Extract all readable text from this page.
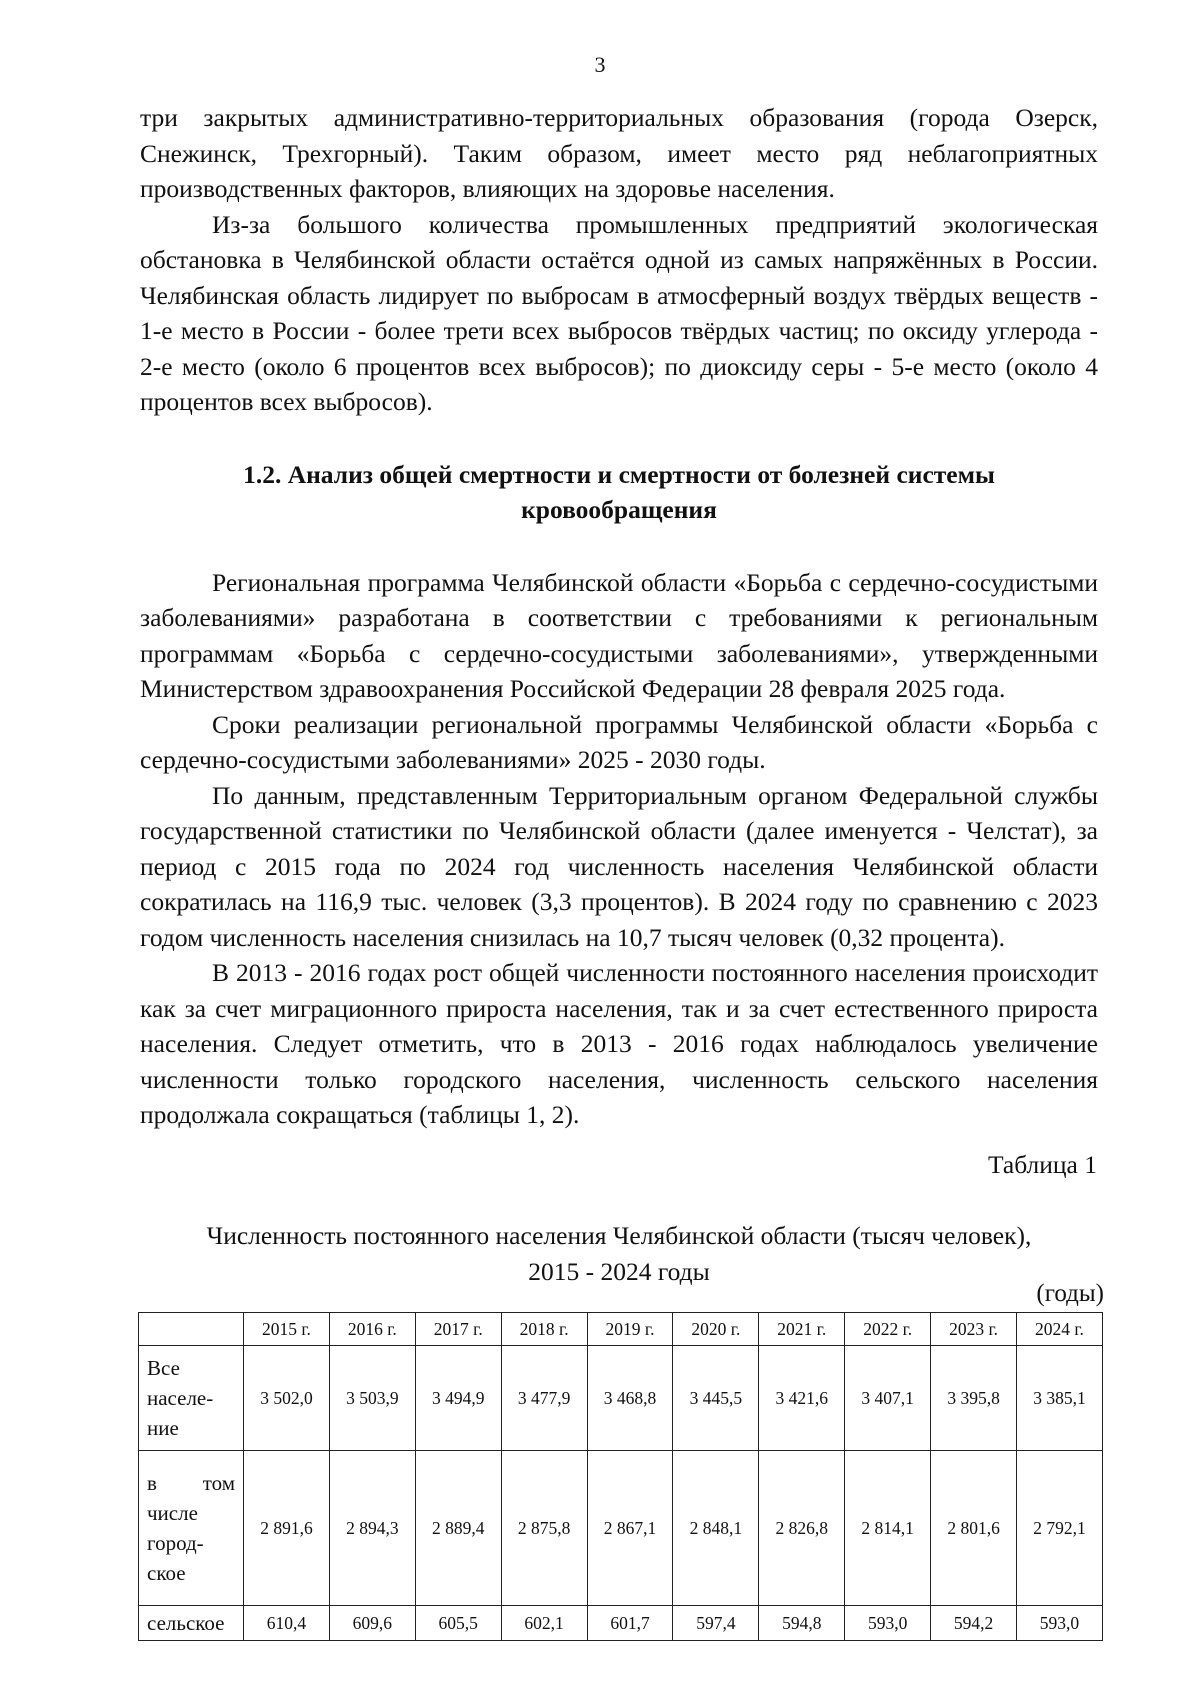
3

три закрытых административно-территориальных образования (города Озерск, Снежинск, Трехгорный). Таким образом, имеет место ряд неблагоприятных производственных факторов, влияющих на здоровье населения.

Из-за большого количества промышленных предприятий экологическая обстановка в Челябинской области остаётся одной из самых напряжённых в России. Челябинская область лидирует по выбросам в атмосферный воздух твёрдых веществ - 1-е место в России - более трети всех выбросов твёрдых частиц; по оксиду углерода - 2-е место (около 6 процентов всех выбросов); по диоксиду серы - 5-е место (около 4 процентов всех выбросов).

1.2. Анализ общей смертности и смертности от болезней системы
кровообращения

Региональная программа Челябинской области «Борьба с сердечно-сосудистыми заболеваниями» разработана в соответствии с требованиями к региональным программам «Борьба с сердечно-сосудистыми заболеваниями», утвержденными Министерством здравоохранения Российской Федерации 28 февраля 2025 года.

Сроки реализации региональной программы Челябинской области «Борьба с сердечно-сосудистыми заболеваниями» 2025 - 2030 годы.

По данным, представленным Территориальным органом Федеральной службы государственной статистики по Челябинской области (далее именуется - Челстат), за период с 2015 года по 2024 год численность населения Челябинской области сократилась на 116,9 тыс. человек (3,3 процентов). В 2024 году по сравнению с 2023 годом численность населения снизилась на 10,7 тысяч человек (0,32 процента).

В 2013 - 2016 годах рост общей численности постоянного населения происходит как за счет миграционного прироста населения, так и за счет естественного прироста населения. Следует отметить, что в 2013 - 2016 годах наблюдалось увеличение численности только городского населения, численность сельского населения продолжала сокращаться (таблицы 1, 2).

Таблица 1
Численность постоянного населения Челябинской области (тысяч человек),
2015 - 2024 годы
(годы)
	2015 г.	2016 г.	2017 г.	2018 г.	2019 г.	2020 г.	2021 г.	2022 г.	2023 г.	2024 г.

Все
населе-
ние	3 502,0	3 503,9	3 494,9	3 477,9	3 468,8	3 445,5	3 421,6	3 407,1	3 395,8	3 385,1

в том
числе
город-
ское	2 891,6	2 894,3	2 889,4	2 875,8	2 867,1	2 848,1	2 826,8	2 814,1	2 801,6	2 792,1

сельское	610,4	609,6	605,5	602,1	601,7	597,4	594,8	593,0	594,2	593,0
